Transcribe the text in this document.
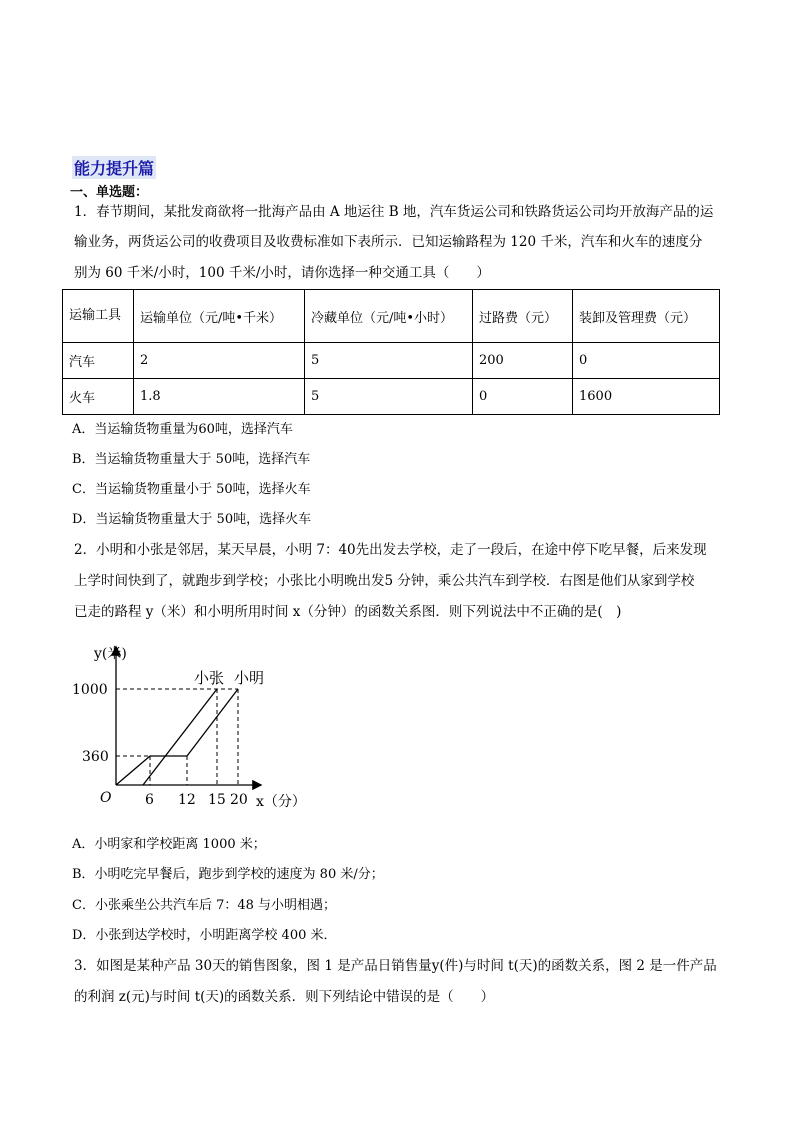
能力提升篇
一、单选题：
1．春节期间，某批发商欲将一批海产品由 A 地运往 B 地，汽车货运公司和铁路货运公司均开放海产品的运
输业务，两货运公司的收费项目及收费标准如下表所示．已知运输路程为 120 千米，汽车和火车的速度分
别为 60 千米/小时，100 千米/小时，请你选择一种交通工具（　　）
运输工具	运输单位（元/吨•千米）	冷藏单位（元/吨•小时）	过路费（元）	装卸及管理费（元）
汽车	2	5	200	0
火车	1.8	5	0	1600
A．当运输货物重量为60吨，选择汽车
B．当运输货物重量大于 50吨，选择汽车
C．当运输货物重量小于 50吨，选择火车
D．当运输货物重量大于 50吨，选择火车
2．小明和小张是邻居，某天早晨，小明 7：40先出发去学校，走了一段后，在途中停下吃早餐，后来发现
上学时间快到了，就跑步到学校；小张比小明晚出发5 分钟，乘公共汽车到学校．右图是他们从家到学校
已走的路程 y（米）和小明所用时间 x（分钟）的函数关系图．则下列说法中不正确的是(　)
y(米)
x（分）
O
1000
360
6 12 15 20
小张 小明
A．小明家和学校距离 1000 米；
B．小明吃完早餐后，跑步到学校的速度为 80 米/分；
C．小张乘坐公共汽车后 7：48 与小明相遇；
D．小张到达学校时，小明距离学校 400 米．
3．如图是某种产品 30天的销售图象，图 1 是产品日销售量y(件)与时间 t(天)的函数关系，图 2 是一件产品
的利润 z(元)与时间 t(天)的函数关系．则下列结论中错误的是（　　）
